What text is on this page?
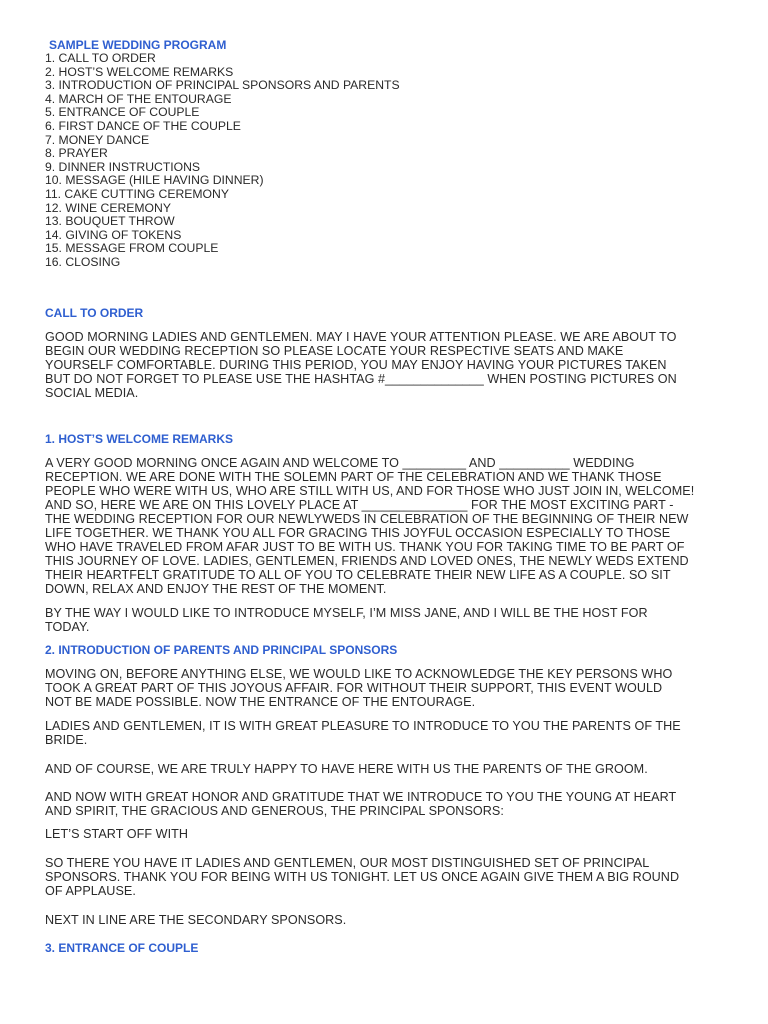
SAMPLE WEDDING PROGRAM
1. CALL TO ORDER
2. HOST’S WELCOME REMARKS
3. INTRODUCTION OF PRINCIPAL SPONSORS AND PARENTS
4. MARCH OF THE ENTOURAGE
5. ENTRANCE OF COUPLE
6. FIRST DANCE OF THE COUPLE
7. MONEY DANCE
8. PRAYER
9. DINNER INSTRUCTIONS
10. MESSAGE (HILE HAVING DINNER)
11. CAKE CUTTING CEREMONY
12. WINE CEREMONY
13. BOUQUET THROW
14. GIVING OF TOKENS
15. MESSAGE FROM COUPLE
16. CLOSING
CALL TO ORDER

GOOD MORNING LADIES AND GENTLEMEN. MAY I HAVE YOUR ATTENTION PLEASE. WE ARE ABOUT TO
BEGIN OUR WEDDING RECEPTION SO PLEASE LOCATE YOUR RESPECTIVE SEATS AND MAKE
YOURSELF COMFORTABLE. DURING THIS PERIOD, YOU MAY ENJOY HAVING YOUR PICTURES TAKEN
BUT DO NOT FORGET TO PLEASE USE THE HASHTAG #______________ WHEN POSTING PICTURES ON
SOCIAL MEDIA.

1. HOST’S WELCOME REMARKS

A VERY GOOD MORNING ONCE AGAIN AND WELCOME TO _________ AND __________ WEDDING
RECEPTION. WE ARE DONE WITH THE SOLEMN PART OF THE CELEBRATION AND WE THANK THOSE
PEOPLE WHO WERE WITH US, WHO ARE STILL WITH US, AND FOR THOSE WHO JUST JOIN IN, WELCOME!
AND SO, HERE WE ARE ON THIS LOVELY PLACE AT _______________ FOR THE MOST EXCITING PART -
THE WEDDING RECEPTION FOR OUR NEWLYWEDS IN CELEBRATION OF THE BEGINNING OF THEIR NEW
LIFE TOGETHER. WE THANK YOU ALL FOR GRACING THIS JOYFUL OCCASION ESPECIALLY TO THOSE
WHO HAVE TRAVELED FROM AFAR JUST TO BE WITH US. THANK YOU FOR TAKING TIME TO BE PART OF
THIS JOURNEY OF LOVE. LADIES, GENTLEMEN, FRIENDS AND LOVED ONES, THE NEWLY WEDS EXTEND
THEIR HEARTFELT GRATITUDE TO ALL OF YOU TO CELEBRATE THEIR NEW LIFE AS A COUPLE. SO SIT
DOWN, RELAX AND ENJOY THE REST OF THE MOMENT.

BY THE WAY I WOULD LIKE TO INTRODUCE MYSELF, I’M MISS JANE, AND I WILL BE THE HOST FOR
TODAY.

2. INTRODUCTION OF PARENTS AND PRINCIPAL SPONSORS

MOVING ON, BEFORE ANYTHING ELSE, WE WOULD LIKE TO ACKNOWLEDGE THE KEY PERSONS WHO
TOOK A GREAT PART OF THIS JOYOUS AFFAIR. FOR WITHOUT THEIR SUPPORT, THIS EVENT WOULD
NOT BE MADE POSSIBLE. NOW THE ENTRANCE OF THE ENTOURAGE.

LADIES AND GENTLEMEN, IT IS WITH GREAT PLEASURE TO INTRODUCE TO YOU THE PARENTS OF THE
BRIDE.

AND OF COURSE, WE ARE TRULY HAPPY TO HAVE HERE WITH US THE PARENTS OF THE GROOM.

AND NOW WITH GREAT HONOR AND GRATITUDE THAT WE INTRODUCE TO YOU THE YOUNG AT HEART
AND SPIRIT, THE GRACIOUS AND GENEROUS, THE PRINCIPAL SPONSORS:

LET’S START OFF WITH

SO THERE YOU HAVE IT LADIES AND GENTLEMEN, OUR MOST DISTINGUISHED SET OF PRINCIPAL
SPONSORS. THANK YOU FOR BEING WITH US TONIGHT. LET US ONCE AGAIN GIVE THEM A BIG ROUND
OF APPLAUSE.

NEXT IN LINE ARE THE SECONDARY SPONSORS.

3. ENTRANCE OF COUPLE
